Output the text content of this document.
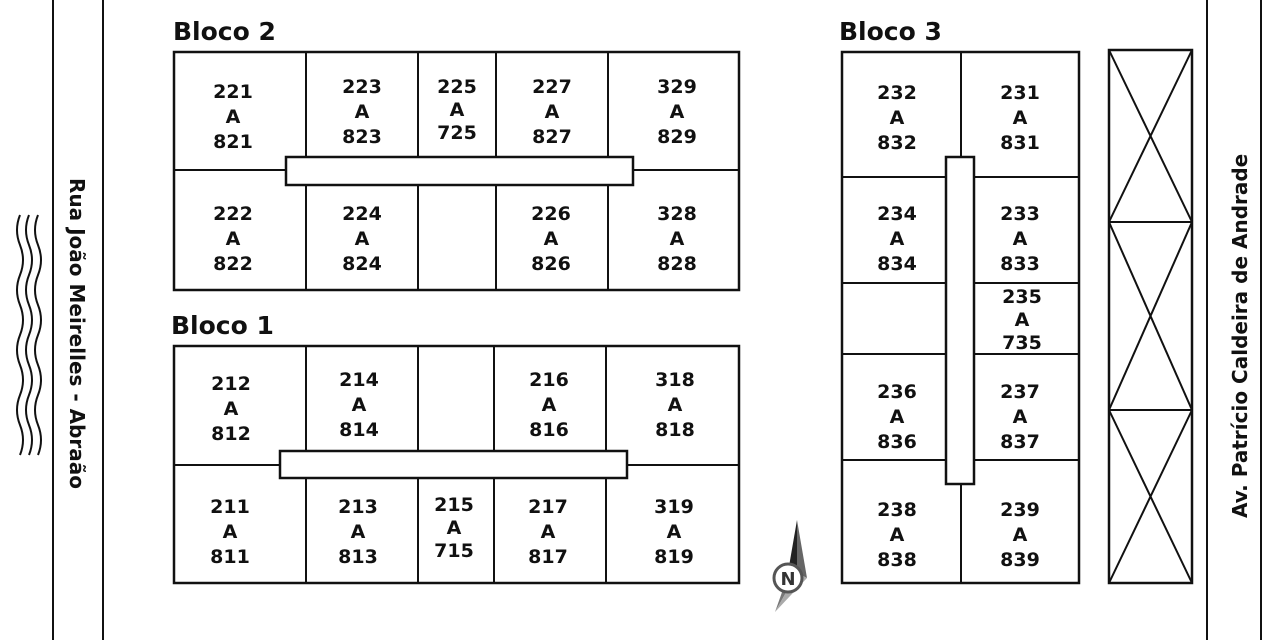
Rua João Meirelles - Abraão	Av. Patrício Caldeira de Andrade
Bloco 2
Bloco 1
Bloco 3
N
221
A
821
223
A
823
225
A
725
227
A
827
329
A
829
222
A
822
224
A
824
226
A
826
328
A
828
212
A
812
214
A
814
216
A
816
318
A
818
211
A
811
213
A
813
215
A
715
217
A
817
319
A
819
232
A
832
231
A
831
234
A
834
233
A
833
235
A
735
236
A
836
237
A
837
238
A
838
239
A
839
